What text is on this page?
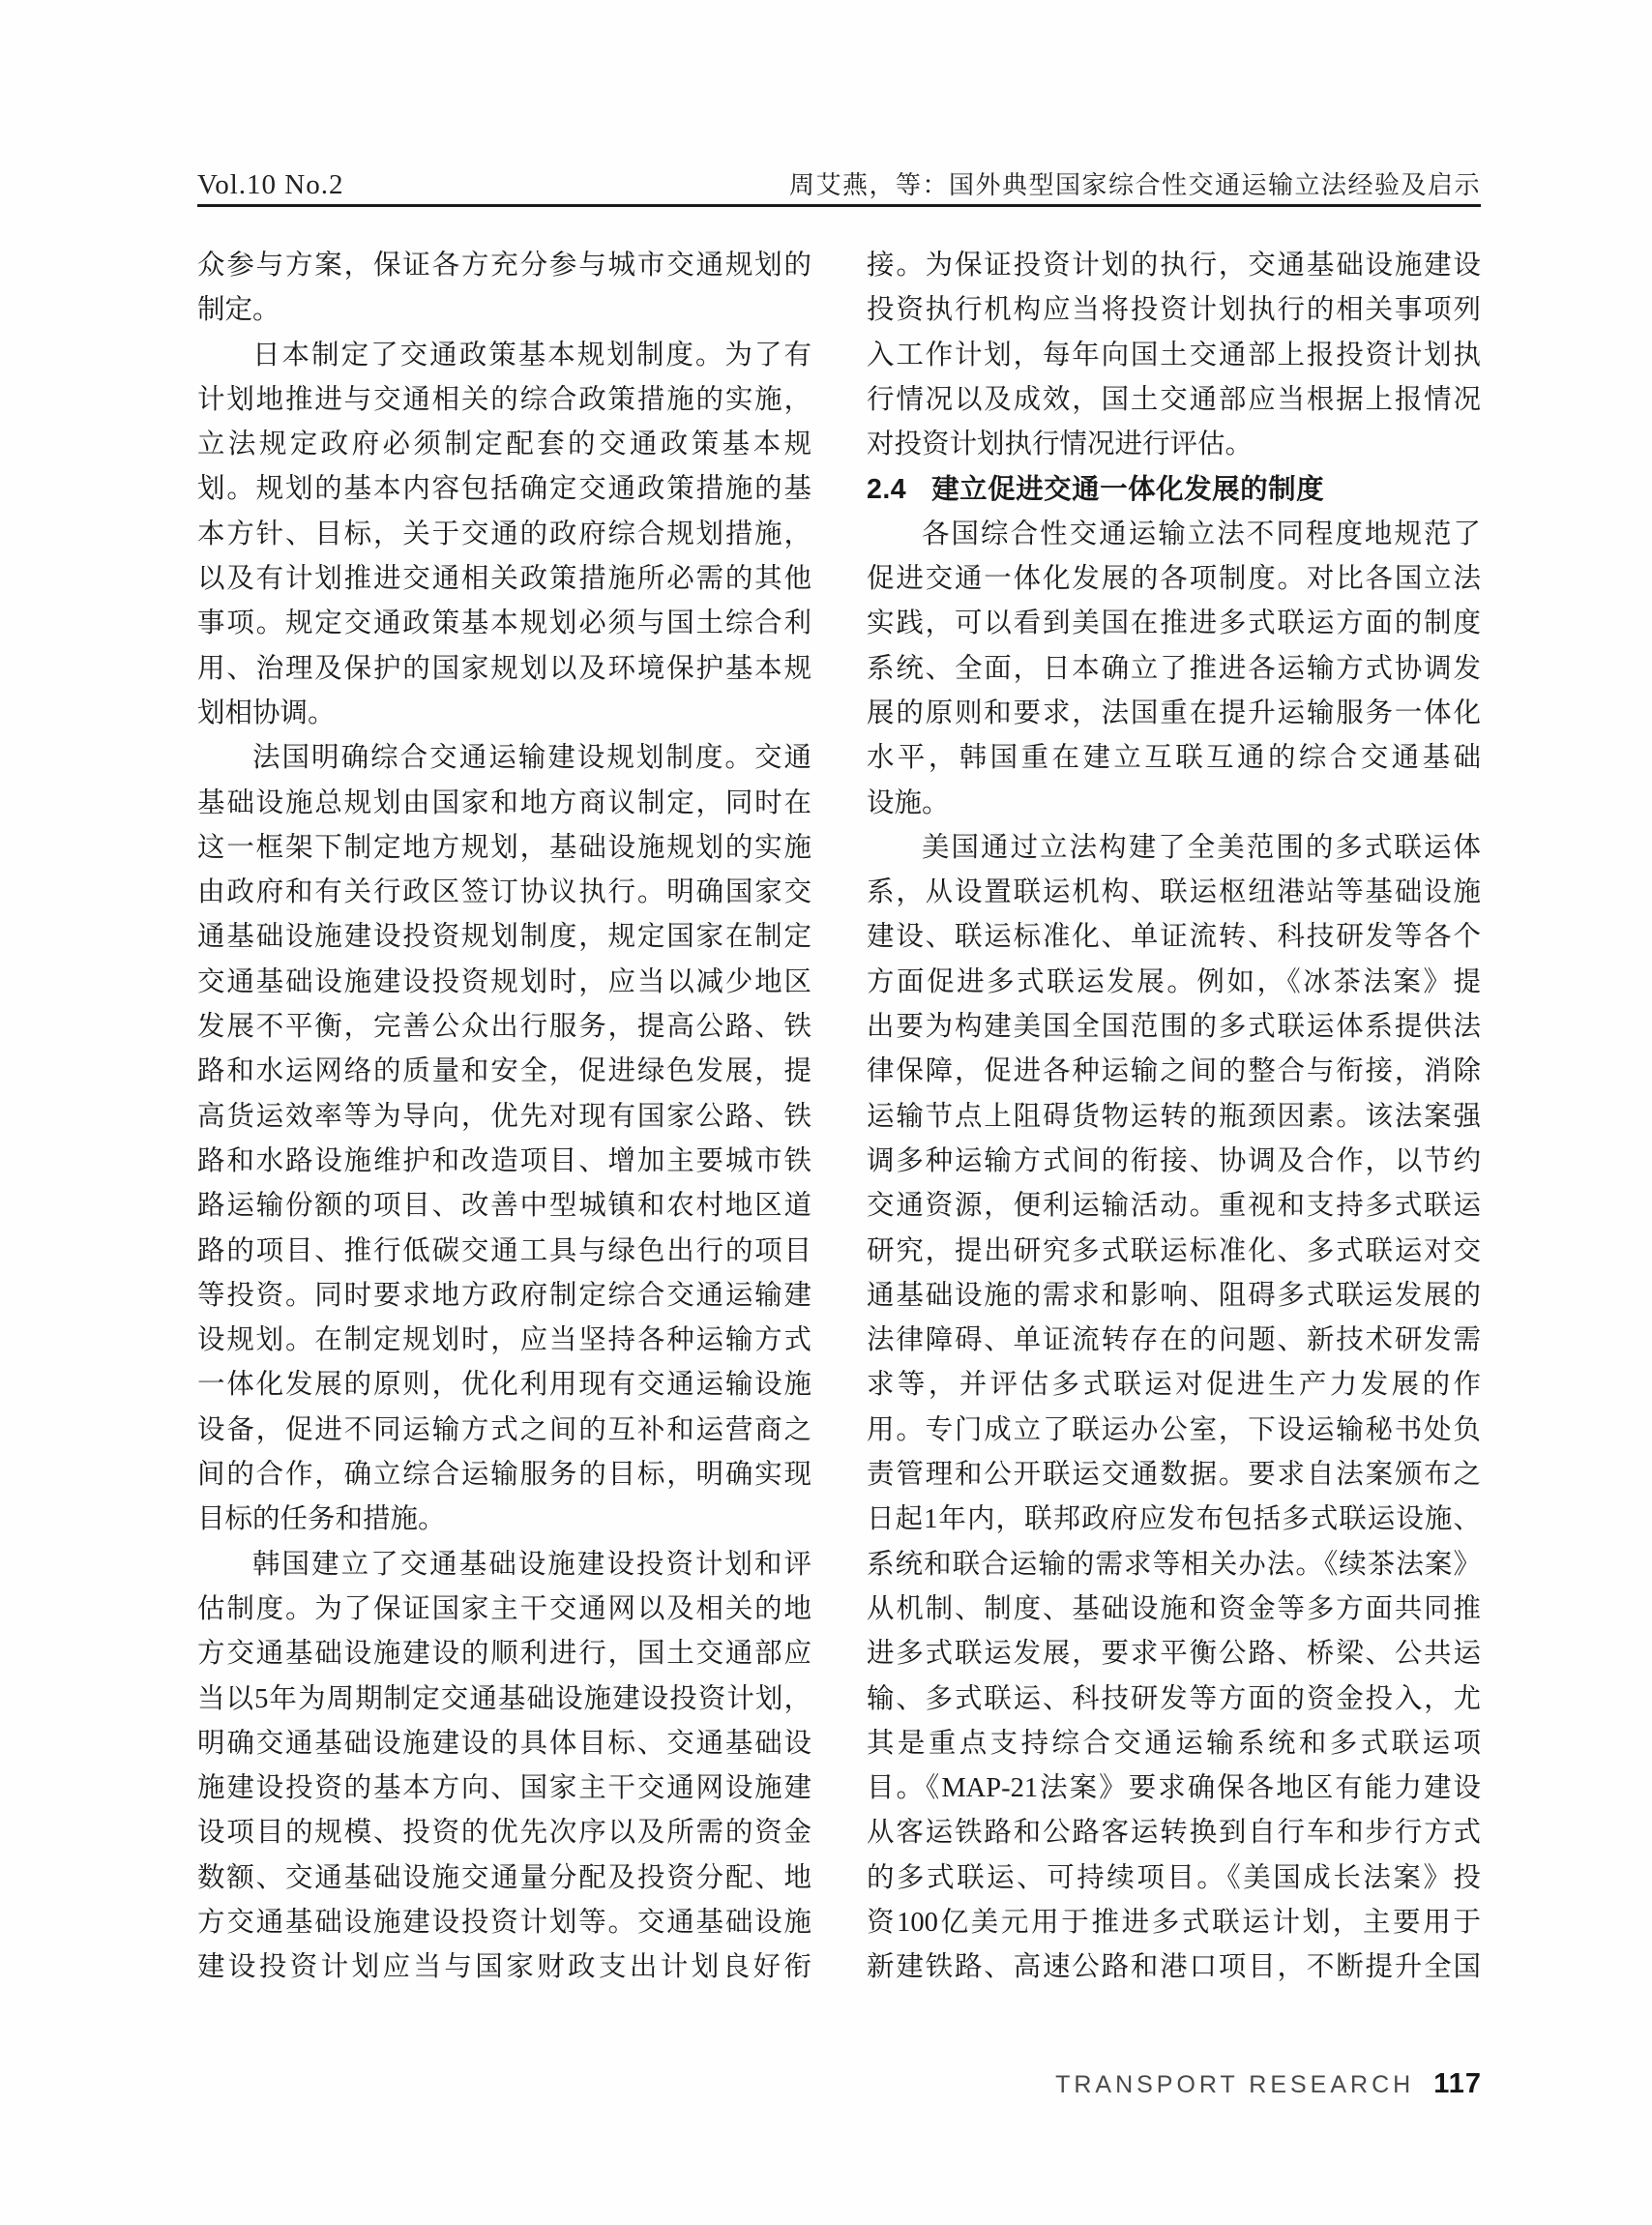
Vol.10 No.2	周艾燕，等：国外典型国家综合性交通运输立法经验及启示
众参与方案，保证各方充分参与城市交通规划的
制定。
日本制定了交通政策基本规划制度。为了有
计划地推进与交通相关的综合政策措施的实施，
立法规定政府必须制定配套的交通政策基本规
划。规划的基本内容包括确定交通政策措施的基
本方针、目标，关于交通的政府综合规划措施，
以及有计划推进交通相关政策措施所必需的其他
事项。规定交通政策基本规划必须与国土综合利
用、治理及保护的国家规划以及环境保护基本规
划相协调。
法国明确综合交通运输建设规划制度。交通
基础设施总规划由国家和地方商议制定，同时在
这一框架下制定地方规划，基础设施规划的实施
由政府和有关行政区签订协议执行。明确国家交
通基础设施建设投资规划制度，规定国家在制定
交通基础设施建设投资规划时，应当以减少地区
发展不平衡，完善公众出行服务，提高公路、铁
路和水运网络的质量和安全，促进绿色发展，提
高货运效率等为导向，优先对现有国家公路、铁
路和水路设施维护和改造项目、增加主要城市铁
路运输份额的项目、改善中型城镇和农村地区道
路的项目、推行低碳交通工具与绿色出行的项目
等投资。同时要求地方政府制定综合交通运输建
设规划。在制定规划时，应当坚持各种运输方式
一体化发展的原则，优化利用现有交通运输设施
设备，促进不同运输方式之间的互补和运营商之
间的合作，确立综合运输服务的目标，明确实现
目标的任务和措施。
韩国建立了交通基础设施建设投资计划和评
估制度。为了保证国家主干交通网以及相关的地
方交通基础设施建设的顺利进行，国土交通部应
当以5年为周期制定交通基础设施建设投资计划，
明确交通基础设施建设的具体目标、交通基础设
施建设投资的基本方向、国家主干交通网设施建
设项目的规模、投资的优先次序以及所需的资金
数额、交通基础设施交通量分配及投资分配、地
方交通基础设施建设投资计划等。交通基础设施
建设投资计划应当与国家财政支出计划良好衔
接。为保证投资计划的执行，交通基础设施建设
投资执行机构应当将投资计划执行的相关事项列
入工作计划，每年向国土交通部上报投资计划执
行情况以及成效，国土交通部应当根据上报情况
对投资计划执行情况进行评估。
2.4 建立促进交通一体化发展的制度
各国综合性交通运输立法不同程度地规范了
促进交通一体化发展的各项制度。对比各国立法
实践，可以看到美国在推进多式联运方面的制度
系统、全面，日本确立了推进各运输方式协调发
展的原则和要求，法国重在提升运输服务一体化
水平，韩国重在建立互联互通的综合交通基础
设施。
美国通过立法构建了全美范围的多式联运体
系，从设置联运机构、联运枢纽港站等基础设施
建设、联运标准化、单证流转、科技研发等各个
方面促进多式联运发展。例如，《冰茶法案》提
出要为构建美国全国范围的多式联运体系提供法
律保障，促进各种运输之间的整合与衔接，消除
运输节点上阻碍货物运转的瓶颈因素。该法案强
调多种运输方式间的衔接、协调及合作，以节约
交通资源，便利运输活动。重视和支持多式联运
研究，提出研究多式联运标准化、多式联运对交
通基础设施的需求和影响、阻碍多式联运发展的
法律障碍、单证流转存在的问题、新技术研发需
求等，并评估多式联运对促进生产力发展的作
用。专门成立了联运办公室，下设运输秘书处负
责管理和公开联运交通数据。要求自法案颁布之
日起1年内，联邦政府应发布包括多式联运设施、
系统和联合运输的需求等相关办法。《续茶法案》
从机制、制度、基础设施和资金等多方面共同推
进多式联运发展，要求平衡公路、桥梁、公共运
输、多式联运、科技研发等方面的资金投入，尤
其是重点支持综合交通运输系统和多式联运项
目。《MAP-21法案》要求确保各地区有能力建设
从客运铁路和公路客运转换到自行车和步行方式
的多式联运、可持续项目。《美国成长法案》投
资100亿美元用于推进多式联运计划，主要用于
新建铁路、高速公路和港口项目，不断提升全国
TRANSPORT RESEARCH 117
